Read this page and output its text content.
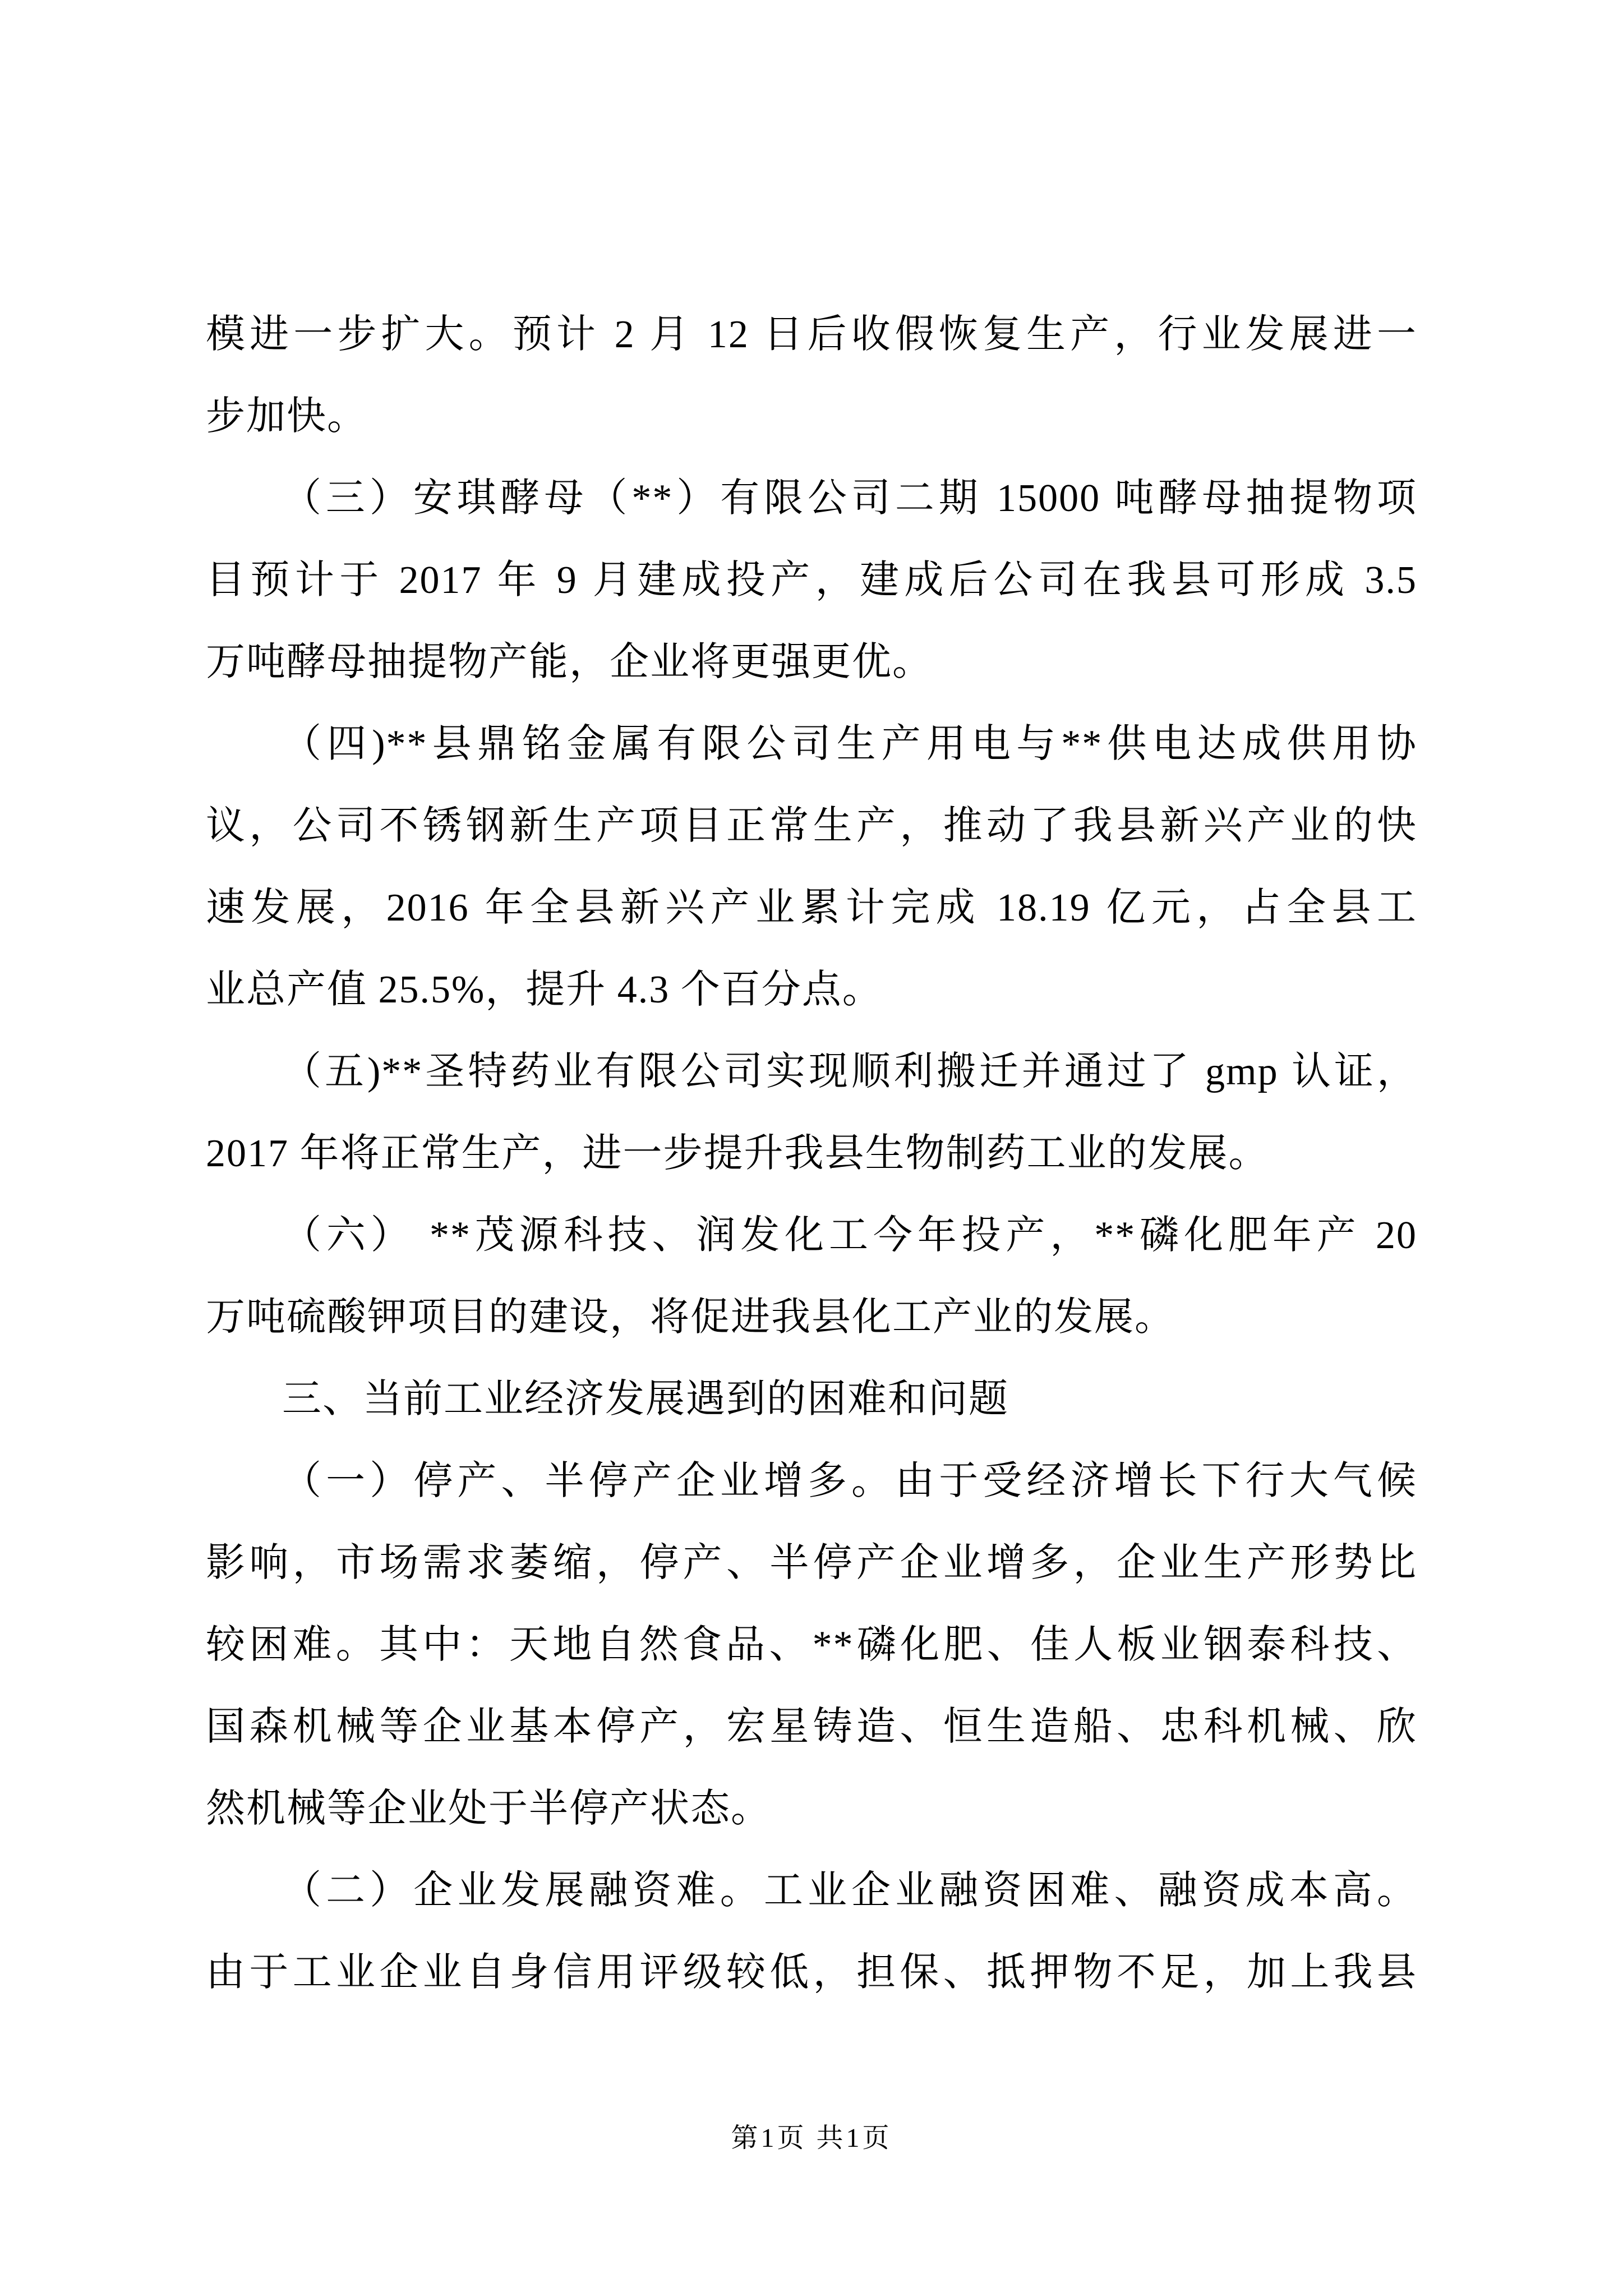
模进一步扩大。预计 2 月 12 日后收假恢复生产，行业发展进一
步加快。
（三）安琪酵母（**）有限公司二期 15000 吨酵母抽提物项
目预计于 2017 年 9 月建成投产，建成后公司在我县可形成 3.5
万吨酵母抽提物产能，企业将更强更优。
（四)**县鼎铭金属有限公司生产用电与**供电达成供用协
议，公司不锈钢新生产项目正常生产，推动了我县新兴产业的快
速发展，2016 年全县新兴产业累计完成 18.19 亿元，占全县工
业总产值 25.5%，提升 4.3 个百分点。
（五)**圣特药业有限公司实现顺利搬迁并通过了 gmp 认证，
2017 年将正常生产，进一步提升我县生物制药工业的发展。
（六） **茂源科技、润发化工今年投产，**磷化肥年产 20
万吨硫酸钾项目的建设，将促进我县化工产业的发展。
三、当前工业经济发展遇到的困难和问题
（一）停产、半停产企业增多。由于受经济增长下行大气候
影响，市场需求萎缩，停产、半停产企业增多，企业生产形势比
较困难。其中：天地自然食品、**磷化肥、佳人板业铟泰科技、
国森机械等企业基本停产，宏星铸造、恒生造船、忠科机械、欣
然机械等企业处于半停产状态。
（二）企业发展融资难。工业企业融资困难、融资成本高。
由于工业企业自身信用评级较低，担保、抵押物不足，加上我县
第1页 共1页
